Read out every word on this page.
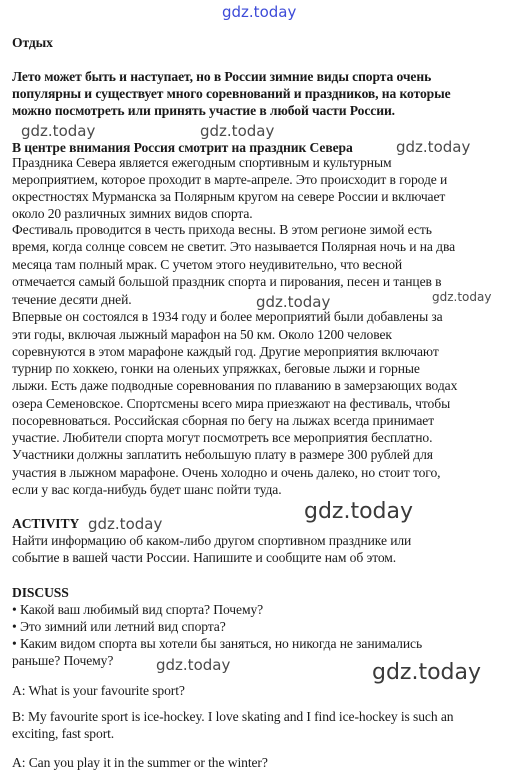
Отдых
Лето может быть и наступает, но в России зимние виды спорта очень
популярны и существует много соревнований и праздников, на которые
можно посмотреть или принять участие в любой части России.
В центре внимания Россия смотрит на праздник Севера
Праздника Севера является ежегодным спортивным и культурным
мероприятием, которое проходит в марте-апреле. Это происходит в городе и
окрестностях Мурманска за Полярным кругом на севере России и включает
около 20 различных зимних видов спорта.
Фестиваль проводится в честь прихода весны. В этом регионе зимой есть
время, когда солнце совсем не светит. Это называется Полярная ночь и на два
месяца там полный мрак. С учетом этого неудивительно, что весной
отмечается самый большой праздник спорта и пирования, песен и танцев в
течение десяти дней.
Впервые он состоялся в 1934 году и более мероприятий были добавлены за
эти годы, включая лыжный марафон на 50 км. Около 1200 человек
соревнуются в этом марафоне каждый год. Другие мероприятия включают
турнир по хоккею, гонки на оленьих упряжках, беговые лыжи и горные
лыжи. Есть даже подводные соревнования по плаванию в замерзающих водах
озера Семеновское. Спортсмены всего мира приезжают на фестиваль, чтобы
посоревноваться. Российская сборная по бегу на лыжах всегда принимает
участие. Любители спорта могут посмотреть все мероприятия бесплатно.
Участники должны заплатить небольшую плату в размере 300 рублей для
участия в лыжном марафоне. Очень холодно и очень далеко, но стоит того,
если у вас когда-нибудь будет шанс пойти туда.
ACTIVITY
Найти информацию об каком-либо другом спортивном празднике или
событие в вашей части России. Напишите и сообщите нам об этом.
DISCUSS
• Какой ваш любимый вид спорта? Почему?
• Это зимний или летний вид спорта?
• Каким видом спорта вы хотели бы заняться, но никогда не занимались
раньше? Почему?
A: What is your favourite sport?
B: My favourite sport is ice-hockey. I love skating and I find ice-hockey is such an
exciting, fast sport.
A: Can you play it in the summer or the winter?
gdz.today
gdz.today	gdz.today
gdz.today
gdz.today	gdz.today
gdz.today
gdz.today
gdz.today	gdz.today
